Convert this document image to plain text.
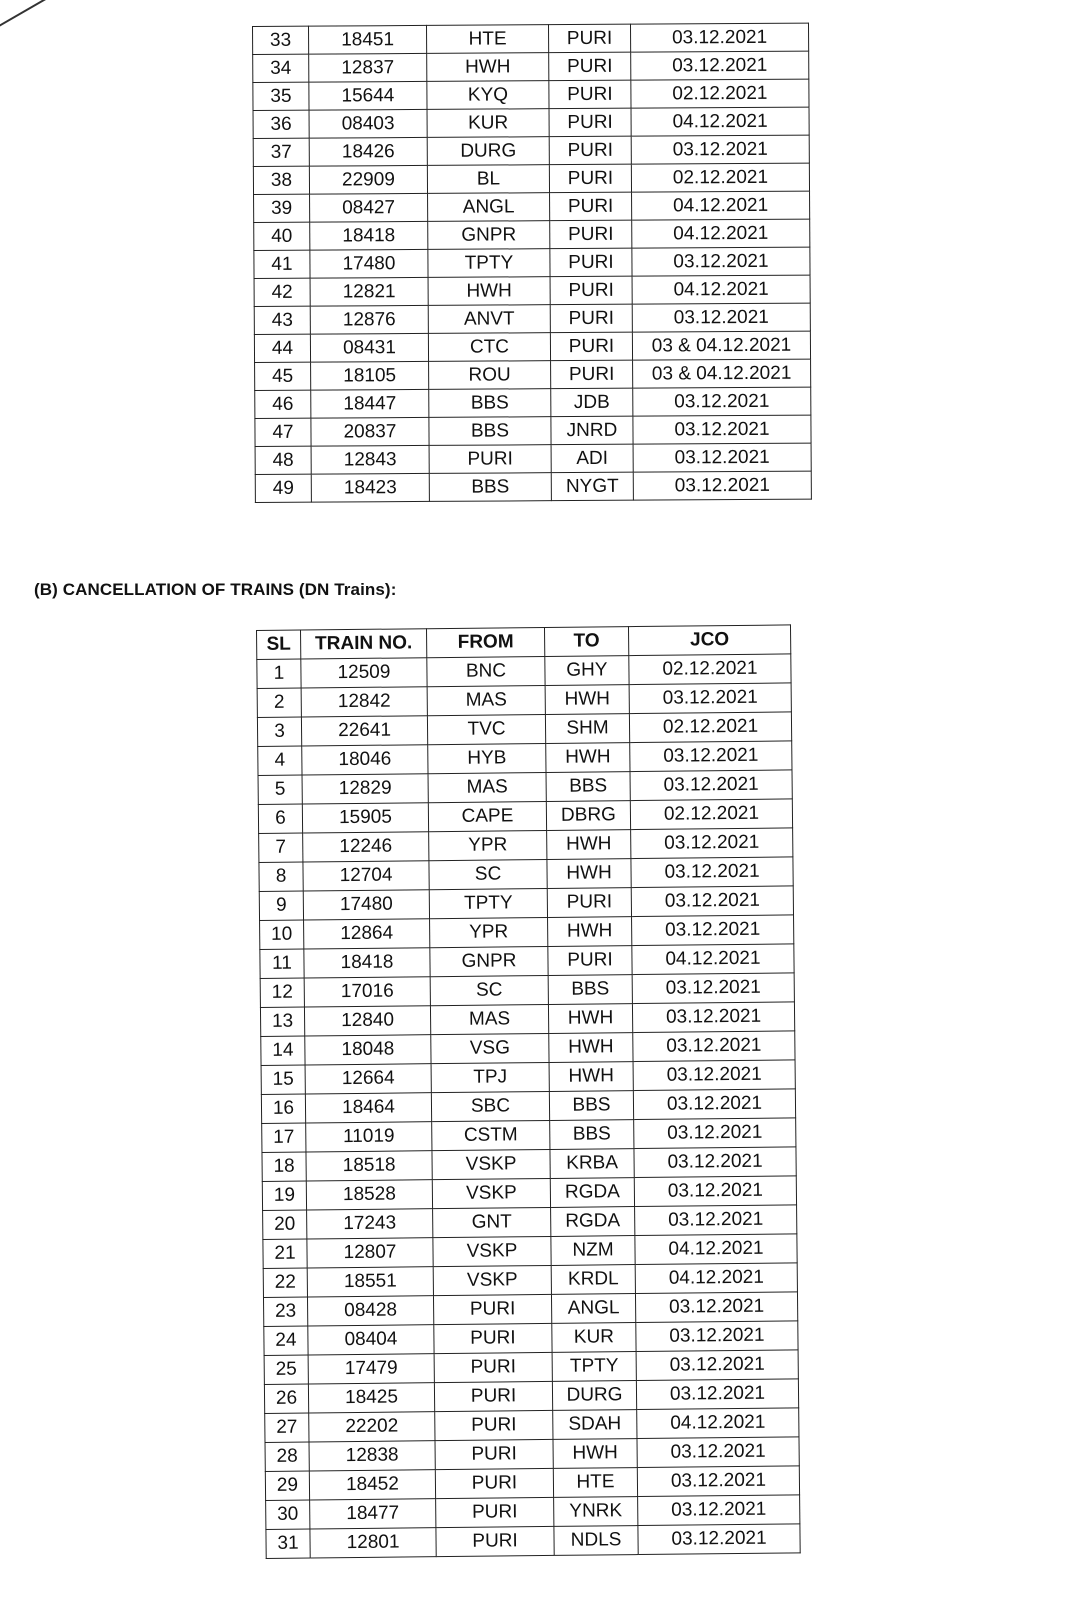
33	18451	HTE	PURI	03.12.2021
34	12837	HWH	PURI	03.12.2021
35	15644	KYQ	PURI	02.12.2021
36	08403	KUR	PURI	04.12.2021
37	18426	DURG	PURI	03.12.2021
38	22909	BL	PURI	02.12.2021
39	08427	ANGL	PURI	04.12.2021
40	18418	GNPR	PURI	04.12.2021
41	17480	TPTY	PURI	03.12.2021
42	12821	HWH	PURI	04.12.2021
43	12876	ANVT	PURI	03.12.2021
44	08431	CTC	PURI	03 & 04.12.2021
45	18105	ROU	PURI	03 & 04.12.2021
46	18447	BBS	JDB	03.12.2021
47	20837	BBS	JNRD	03.12.2021
48	12843	PURI	ADI	03.12.2021
49	18423	BBS	NYGT	03.12.2021
(B) CANCELLATION OF TRAINS (DN Trains):
SL	TRAIN NO.	FROM	TO	JCO
1	12509	BNC	GHY	02.12.2021
2	12842	MAS	HWH	03.12.2021
3	22641	TVC	SHM	02.12.2021
4	18046	HYB	HWH	03.12.2021
5	12829	MAS	BBS	03.12.2021
6	15905	CAPE	DBRG	02.12.2021
7	12246	YPR	HWH	03.12.2021
8	12704	SC	HWH	03.12.2021
9	17480	TPTY	PURI	03.12.2021
10	12864	YPR	HWH	03.12.2021
11	18418	GNPR	PURI	04.12.2021
12	17016	SC	BBS	03.12.2021
13	12840	MAS	HWH	03.12.2021
14	18048	VSG	HWH	03.12.2021
15	12664	TPJ	HWH	03.12.2021
16	18464	SBC	BBS	03.12.2021
17	11019	CSTM	BBS	03.12.2021
18	18518	VSKP	KRBA	03.12.2021
19	18528	VSKP	RGDA	03.12.2021
20	17243	GNT	RGDA	03.12.2021
21	12807	VSKP	NZM	04.12.2021
22	18551	VSKP	KRDL	04.12.2021
23	08428	PURI	ANGL	03.12.2021
24	08404	PURI	KUR	03.12.2021
25	17479	PURI	TPTY	03.12.2021
26	18425	PURI	DURG	03.12.2021
27	22202	PURI	SDAH	04.12.2021
28	12838	PURI	HWH	03.12.2021
29	18452	PURI	HTE	03.12.2021
30	18477	PURI	YNRK	03.12.2021
31	12801	PURI	NDLS	03.12.2021
